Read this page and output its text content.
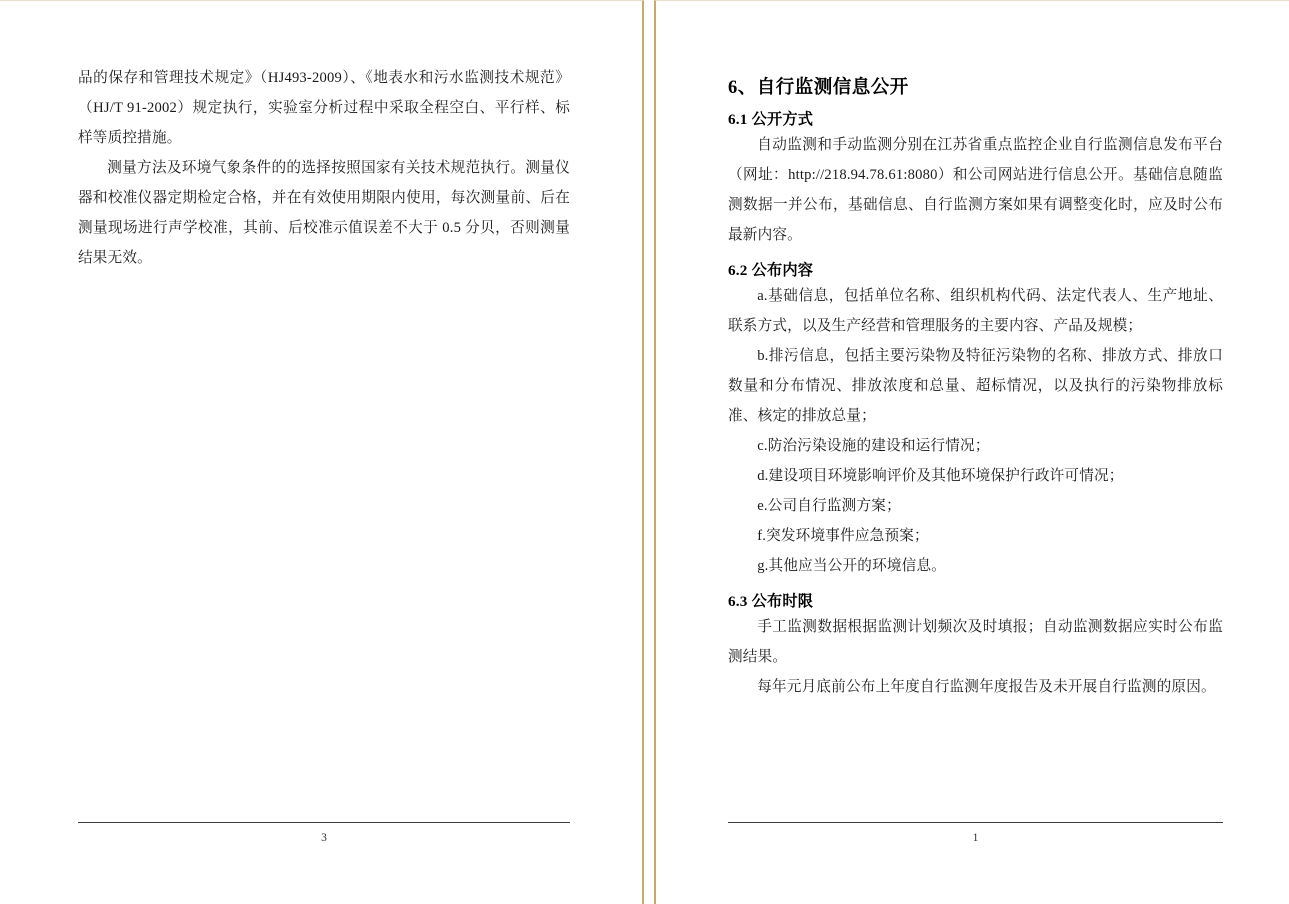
品的保存和管理技术规定》（HJ493-2009）、《地表水和污水监测技术规范》（HJ/T 91-2002）规定执行，实验室分析过程中采取全程空白、平行样、标样等质控措施。

测量方法及环境气象条件的的选择按照国家有关技术规范执行。测量仪器和校准仪器定期检定合格，并在有效使用期限内使用，每次测量前、后在测量现场进行声学校准，其前、后校准示值误差不大于 0.5 分贝，否则测量结果无效。

3
6、自行监测信息公开
6.1 公开方式

自动监测和手动监测分别在江苏省重点监控企业自行监测信息发布平台（网址：http://218.94.78.61:8080）和公司网站进行信息公开。基础信息随监测数据一并公布，基础信息、自行监测方案如果有调整变化时，应及时公布最新内容。

6.2 公布内容

a.基础信息，包括单位名称、组织机构代码、法定代表人、生产地址、联系方式，以及生产经营和管理服务的主要内容、产品及规模；

b.排污信息，包括主要污染物及特征污染物的名称、排放方式、排放口数量和分布情况、排放浓度和总量、超标情况，以及执行的污染物排放标准、核定的排放总量；

c.防治污染设施的建设和运行情况；

d.建设项目环境影响评价及其他环境保护行政许可情况；

e.公司自行监测方案；

f.突发环境事件应急预案；

g.其他应当公开的环境信息。

6.3 公布时限

手工监测数据根据监测计划频次及时填报；自动监测数据应实时公布监测结果。

每年元月底前公布上年度自行监测年度报告及未开展自行监测的原因。

1
